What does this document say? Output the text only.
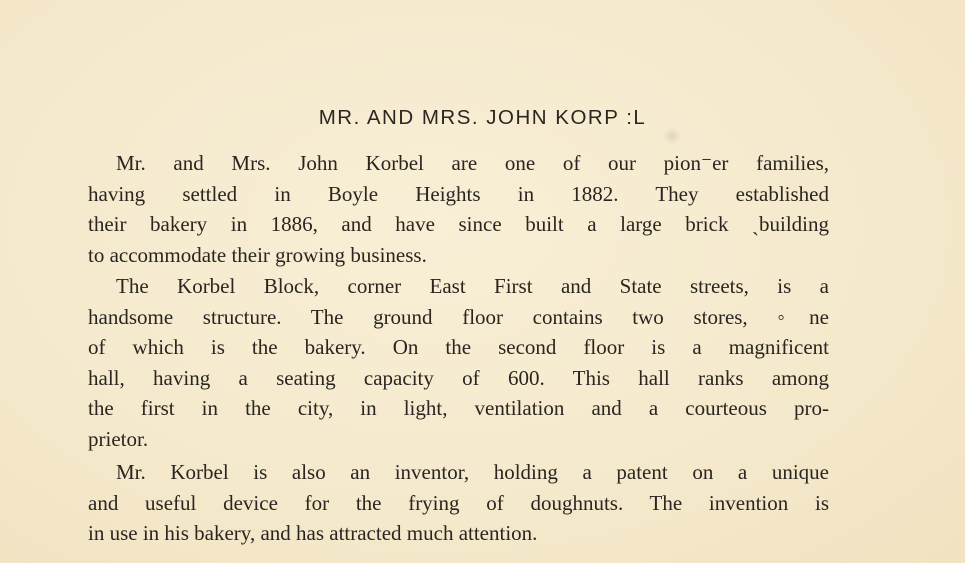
MR. AND MRS. JOHN KORP :L
Mr. and Mrs. John Korbel are one of our pion⁻er families,
having settled in Boyle Heights in 1882. They established
their bakery in 1886, and have since built a large brick ˎbuilding
to accommodate their growing business.
The Korbel Block, corner East First and State streets, is a
handsome structure. The ground floor contains two stores, ◦ne
of which is the bakery. On the second floor is a magnificent
hall, having a seating capacity of 600. This hall ranks among
the first in the city, in light, ventilation and a courteous pro-
prietor.
Mr. Korbel is also an inventor, holding a patent on a unique
and useful device for the frying of doughnuts. The invention is
in use in his bakery, and has attracted much attention.
